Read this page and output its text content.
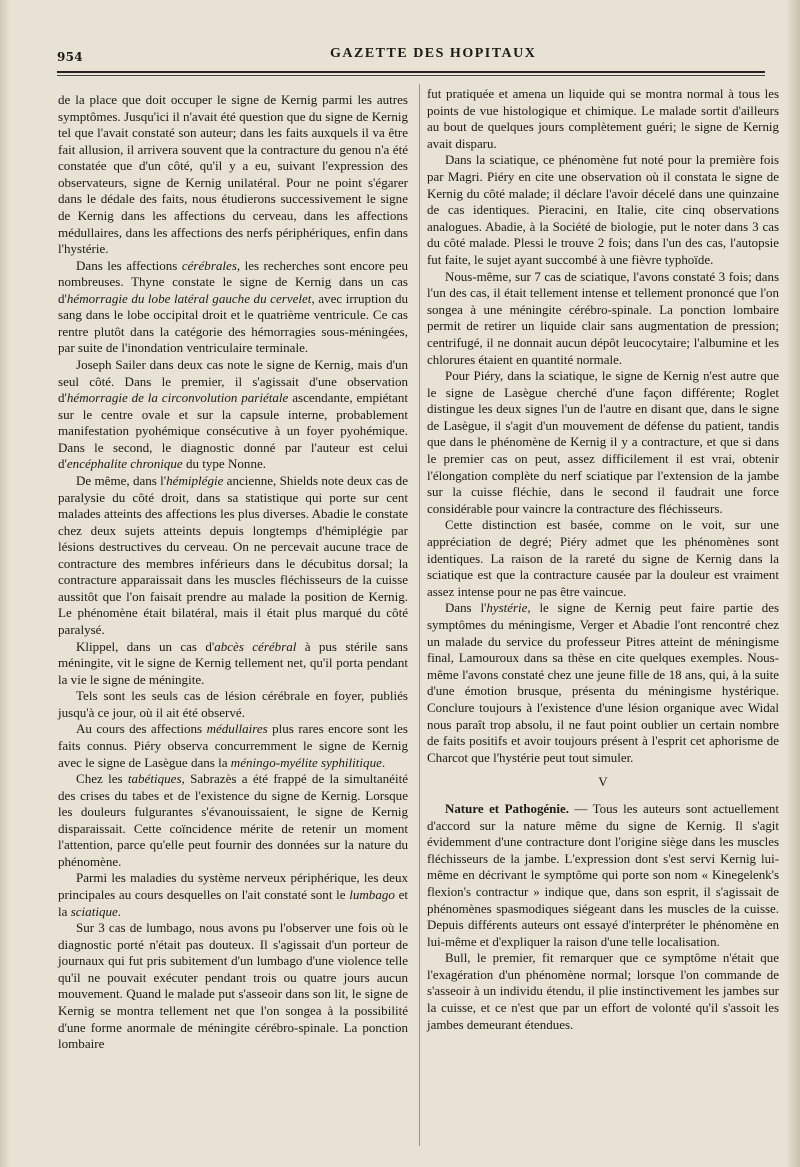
954	GAZETTE DES HOPITAUX

de la place que doit occuper le signe de Kernig parmi les autres symptômes. Jusqu'ici il n'avait été question que du signe de Kernig tel que l'avait constaté son auteur; dans les faits auxquels il va être fait allusion, il arrivera souvent que la contracture du genou n'a été constatée que d'un côté, qu'il y a eu, suivant l'expression des observateurs, signe de Kernig unilatéral. Pour ne point s'égarer dans le dédale des faits, nous étudierons successivement le signe de Kernig dans les affections du cerveau, dans les affections médullaires, dans les affections des nerfs périphériques, enfin dans l'hystérie.

Dans les affections cérébrales, les recherches sont encore peu nombreuses. Thyne constate le signe de Kernig dans un cas d'hémorragie du lobe latéral gauche du cervelet, avec irruption du sang dans le lobe occipital droit et le quatrième ventricule. Ce cas rentre plutôt dans la catégorie des hémorragies sous-méningées, par suite de l'inondation ventriculaire terminale.

Joseph Sailer dans deux cas note le signe de Kernig, mais d'un seul côté. Dans le premier, il s'agissait d'une observation d'hémorragie de la circonvolution pariétale ascendante, empiétant sur le centre ovale et sur la capsule interne, probablement manifestation pyohémique consécutive à un foyer pyohémique. Dans le second, le diagnostic donné par l'auteur est celui d'encéphalite chronique du type Nonne.

De même, dans l'hémiplégie ancienne, Shields note deux cas de paralysie du côté droit, dans sa statistique qui porte sur cent malades atteints des affections les plus diverses. Abadie le constate chez deux sujets atteints depuis longtemps d'hémiplégie par lésions destructives du cerveau. On ne percevait aucune trace de contracture des membres inférieurs dans le décubitus dorsal; la contracture apparaissait dans les muscles fléchisseurs de la cuisse aussitôt que l'on faisait prendre au malade la position de Kernig. Le phénomène était bilatéral, mais il était plus marqué du côté paralysé.

Klippel, dans un cas d'abcès cérébral à pus stérile sans méningite, vit le signe de Kernig tellement net, qu'il porta pendant la vie le signe de méningite.

Tels sont les seuls cas de lésion cérébrale en foyer, publiés jusqu'à ce jour, où il ait été observé.

Au cours des affections médullaires plus rares encore sont les faits connus. Piéry observa concurremment le signe de Kernig avec le signe de Lasègue dans la méningo-myélite syphilitique.

Chez les tabétiques, Sabrazès a été frappé de la simultanéité des crises du tabes et de l'existence du signe de Kernig. Lorsque les douleurs fulgurantes s'évanouissaient, le signe de Kernig disparaissait. Cette coïncidence mérite de retenir un moment l'attention, parce qu'elle peut fournir des données sur la nature du phénomène.

Parmi les maladies du système nerveux périphérique, les deux principales au cours desquelles on l'ait constaté sont le lumbago et la sciatique.

Sur 3 cas de lumbago, nous avons pu l'observer une fois où le diagnostic porté n'était pas douteux. Il s'agissait d'un porteur de journaux qui fut pris subitement d'un lumbago d'une violence telle qu'il ne pouvait exécuter pendant trois ou quatre jours aucun mouvement. Quand le malade put s'asseoir dans son lit, le signe de Kernig se montra tellement net que l'on songea à la possibilité d'une forme anormale de méningite cérébro-spinale. La ponction lombaire

fut pratiquée et amena un liquide qui se montra normal à tous les points de vue histologique et chimique. Le malade sortit d'ailleurs au bout de quelques jours complètement guéri; le signe de Kernig avait disparu.

Dans la sciatique, ce phénomène fut noté pour la première fois par Magri. Piéry en cite une observation où il constata le signe de Kernig du côté malade; il déclare l'avoir décelé dans une quinzaine de cas identiques. Pieracini, en Italie, cite cinq observations analogues. Abadie, à la Société de biologie, put le noter dans 3 cas du côté malade. Plessi le trouve 2 fois; dans l'un des cas, l'autopsie fut faite, le sujet ayant succombé à une fièvre typhoïde.

Nous-même, sur 7 cas de sciatique, l'avons constaté 3 fois; dans l'un des cas, il était tellement intense et tellement prononcé que l'on songea à une méningite cérébro-spinale. La ponction lombaire permit de retirer un liquide clair sans augmentation de pression; centrifugé, il ne donnait aucun dépôt leucocytaire; l'albumine et les chlorures étaient en quantité normale.

Pour Piéry, dans la sciatique, le signe de Kernig n'est autre que le signe de Lasègue cherché d'une façon différente; Roglet distingue les deux signes l'un de l'autre en disant que, dans le signe de Lasègue, il s'agit d'un mouvement de défense du patient, tandis que dans le phénomène de Kernig il y a contracture, et que si dans le premier cas on peut, assez difficilement il est vrai, obtenir l'élongation complète du nerf sciatique par l'extension de la jambe sur la cuisse fléchie, dans le second il faudrait une force considérable pour vaincre la contracture des fléchisseurs.

Cette distinction est basée, comme on le voit, sur une appréciation de degré; Piéry admet que les phénomènes sont identiques. La raison de la rareté du signe de Kernig dans la sciatique est que la contracture causée par la douleur est vraiment assez intense pour ne pas être vaincue.

Dans l'hystérie, le signe de Kernig peut faire partie des symptômes du méningisme, Verger et Abadie l'ont rencontré chez un malade du service du professeur Pitres atteint de méningisme final, Lamouroux dans sa thèse en cite quelques exemples. Nous-même l'avons constaté chez une jeune fille de 18 ans, qui, à la suite d'une émotion brusque, présenta du méningisme hystérique. Conclure toujours à l'existence d'une lésion organique avec Widal nous paraît trop absolu, il ne faut point oublier un certain nombre de faits positifs et avoir toujours présent à l'esprit cet aphorisme de Charcot que l'hystérie peut tout simuler.

V

Nature et Pathogénie. — Tous les auteurs sont actuellement d'accord sur la nature même du signe de Kernig. Il s'agit évidemment d'une contracture dont l'origine siège dans les muscles fléchisseurs de la jambe. L'expression dont s'est servi Kernig lui-même en décrivant le symptôme qui porte son nom « Kinegelenk's flexion's contractur » indique que, dans son esprit, il s'agissait de phénomènes spasmodiques siégeant dans les muscles de la cuisse. Depuis différents auteurs ont essayé d'interpréter le phénomène en lui-même et d'expliquer la raison d'une telle localisation.

Bull, le premier, fit remarquer que ce symptôme n'était que l'exagération d'un phénomène normal; lorsque l'on commande de s'asseoir à un individu étendu, il plie instinctivement les jambes sur la cuisse, et ce n'est que par un effort de volonté qu'il s'assoit les jambes demeurant étendues.
